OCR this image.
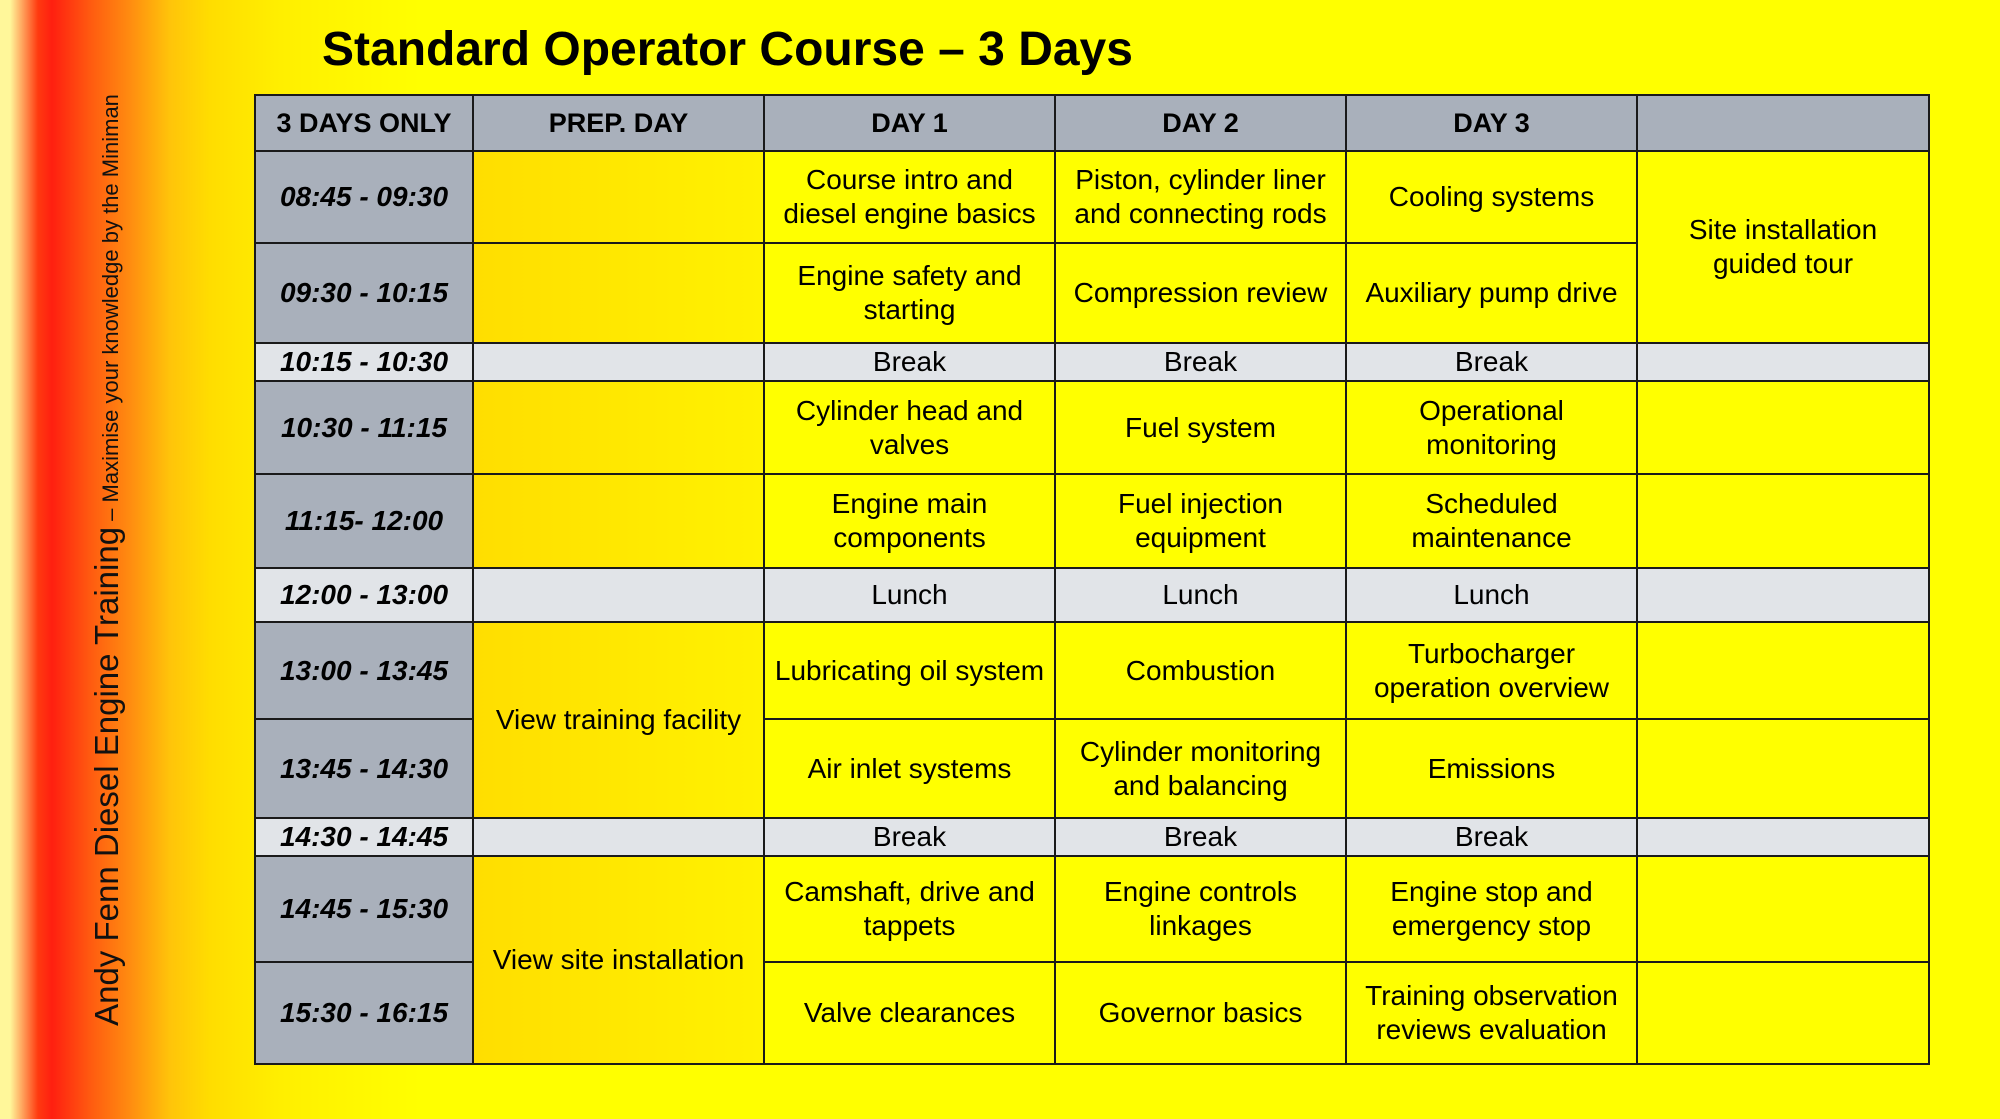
Andy Fenn Diesel Engine Training – Maximise your knowledge by the Miniman
Standard Operator Course – 3 Days
3 DAYS ONLY	PREP. DAY	DAY 1	DAY 2	DAY 3	
08:45 - 09:30		Course intro and diesel engine basics	Piston, cylinder liner and connecting rods	Cooling systems	Site installation guided tour
09:30 - 10:15		Engine safety and starting	Compression review	Auxiliary pump drive	
10:15 - 10:30		Break	Break	Break	
10:30 - 11:15		Cylinder head and valves	Fuel system	Operational monitoring	
11:15- 12:00		Engine main components	Fuel injection equipment	Scheduled maintenance	
12:00 - 13:00		Lunch	Lunch	Lunch	
13:00 - 13:45	View training facility	Lubricating oil system	Combustion	Turbocharger operation overview	
13:45 - 14:30		Air inlet systems	Cylinder monitoring and balancing	Emissions	
14:30 - 14:45		Break	Break	Break	
14:45 - 15:30	View site installation	Camshaft, drive and tappets	Engine controls linkages	Engine stop and emergency stop	
15:30 - 16:15		Valve clearances	Governor basics	Training observation reviews evaluation	
